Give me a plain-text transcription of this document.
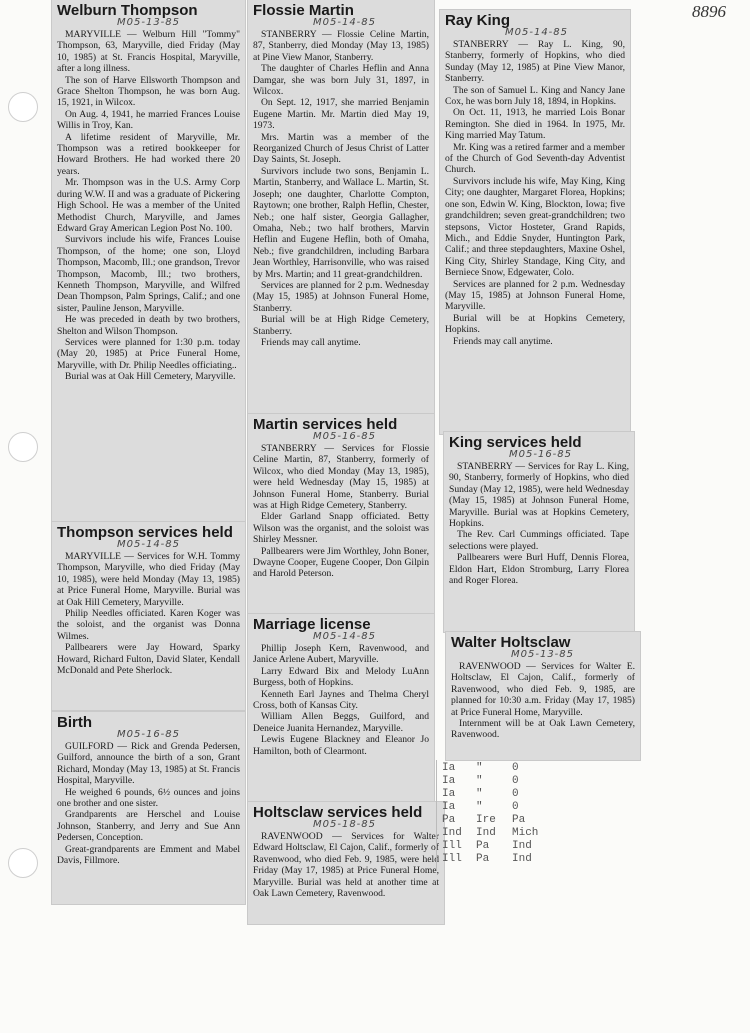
8896
Welburn Thompson
M05-13-85

MARYVILLE — Welburn Hill "Tommy" Thompson, 63, Maryville, died Friday (May 10, 1985) at St. Francis Hospital, Maryville, after a long illness.

The son of Harve Ellsworth Thompson and Grace Shelton Thompson, he was born Aug. 15, 1921, in Wilcox.

On Aug. 4, 1941, he married Frances Louise Willis in Troy, Kan.

A lifetime resident of Maryville, Mr. Thompson was a retired bookkeeper for Howard Brothers. He had worked there 20 years.

Mr. Thompson was in the U.S. Army Corp during W.W. II and was a graduate of Pickering High School. He was a member of the United Methodist Church, Maryville, and James Edward Gray American Legion Post No. 100.

Survivors include his wife, Frances Louise Thompson, of the home; one son, Lloyd Thompson, Macomb, Ill.; one grandson, Trevor Thompson, Macomb, Ill.; two brothers, Kenneth Thompson, Maryville, and Wilfred Dean Thompson, Palm Springs, Calif.; and one sister, Pauline Jenson, Maryville.

He was preceded in death by two brothers, Shelton and Wilson Thompson.

Services were planned for 1:30 p.m. today (May 20, 1985) at Price Funeral Home, Maryville, with Dr. Philip Needles officiating..

Burial was at Oak Hill Cemetery, Maryville.

Thompson services held
M05-14-85

MARYVILLE — Services for W.H. Tommy Thompson, Maryville, who died Friday (May 10, 1985), were held Monday (May 13, 1985) at Price Funeral Home, Maryville. Burial was at Oak Hill Cemetery, Maryville.

Philip Needles officiated. Karen Koger was the soloist, and the organist was Donna Wilmes.

Pallbearers were Jay Howard, Sparky Howard, Richard Fulton, David Slater, Kendall McDonald and Pete Sherlock.

Birth
M05-16-85

GUILFORD — Rick and Grenda Pedersen, Guilford, announce the birth of a son, Grant Richard, Monday (May 13, 1985) at St. Francis Hospital, Maryville.

He weighed 6 pounds, 6½ ounces and joins one brother and one sister.

Grandparents are Herschel and Louise Johnson, Stanberry, and Jerry and Sue Ann Pedersen, Conception.

Great-grandparents are Emment and Mabel Davis, Fillmore.

Flossie Martin
M05-14-85

STANBERRY — Flossie Celine Martin, 87, Stanberry, died Monday (May 13, 1985) at Pine View Manor, Stanberry.

The daughter of Charles Heflin and Anna Damgar, she was born July 31, 1897, in Wilcox.

On Sept. 12, 1917, she married Benjamin Eugene Martin. Mr. Martin died May 19, 1973.

Mrs. Martin was a member of the Reorganized Church of Jesus Christ of Latter Day Saints, St. Joseph.

Survivors include two sons, Benjamin L. Martin, Stanberry, and Wallace L. Martin, St. Joseph; one daughter, Charlotte Compton, Raytown; one brother, Ralph Heflin, Chester, Neb.; one half sister, Georgia Gallagher, Omaha, Neb.; two half brothers, Marvin Heflin and Eugene Heflin, both of Omaha, Neb.; five grandchildren, including Barbara Jean Worthley, Harrisonville, who was raised by Mrs. Martin; and 11 great-grandchildren.

Services are planned for 2 p.m. Wednesday (May 15, 1985) at Johnson Funeral Home, Stanberry.

Burial will be at High Ridge Cemetery, Stanberry.

Friends may call anytime.

Martin services held
M05-16-85

STANBERRY — Services for Flossie Celine Martin, 87, Stanberry, formerly of Wilcox, who died Monday (May 13, 1985), were held Wednesday (May 15, 1985) at Johnson Funeral Home, Stanberry. Burial was at High Ridge Cemetery, Stanberry.

Elder Garland Snapp officiated. Betty Wilson was the organist, and the soloist was Shirley Messner.

Pallbearers were Jim Worthley, John Boner, Dwayne Cooper, Eugene Cooper, Don Gilpin and Harold Peterson.

Marriage license
M05-14-85

Phillip Joseph Kern, Ravenwood, and Janice Arlene Aubert, Maryville.

Larry Edward Bix and Melody LuAnn Burgess, both of Hopkins.

Kenneth Earl Jaynes and Thelma Cheryl Cross, both of Kansas City.

William Allen Beggs, Guilford, and Deneice Juanita Hernandez, Maryville.

Lewis Eugene Blackney and Eleanor Jo Hamilton, both of Clearmont.

Holtsclaw services held
M05-18-85

RAVENWOOD — Services for Walter Edward Holtsclaw, El Cajon, Calif., formerly of Ravenwood, who died Feb. 9, 1985, were held Friday (May 17, 1985) at Price Funeral Home, Maryville. Burial was held at another time at Oak Lawn Cemetery, Ravenwood.

Ray King
M05-14-85

STANBERRY — Ray L. King, 90, Stanberry, formerly of Hopkins, who died Sunday (May 12, 1985) at Pine View Manor, Stanberry.

The son of Samuel L. King and Nancy Jane Cox, he was born July 18, 1894, in Hopkins.

On Oct. 11, 1913, he married Lois Bonar Remington. She died in 1964. In 1975, Mr. King married May Tatum.

Mr. King was a retired farmer and a member of the Church of God Seventh-day Adventist Church.

Survivors include his wife, May King, King City; one daughter, Margaret Florea, Hopkins; one son, Edwin W. King, Blockton, Iowa; five grandchildren; seven great-grandchildren; two stepsons, Victor Hosteter, Grand Rapids, Mich., and Eddie Snyder, Huntington Park, Calif.; and three stepdaughters, Maxine Oshel, King City, Shirley Standage, King City, and Berniece Snow, Edgewater, Colo.

Services are planned for 2 p.m. Wednesday (May 15, 1985) at Johnson Funeral Home, Maryville.

Burial will be at Hopkins Cemetery, Hopkins.

Friends may call anytime.

King services held
M05-16-85

STANBERRY — Services for Ray L. King, 90, Stanberry, formerly of Hopkins, who died Sunday (May 12, 1985), were held Wednesday (May 15, 1985) at Johnson Funeral Home, Maryville. Burial was at Hopkins Cemetery, Hopkins.

The Rev. Carl Cummings officiated. Tape selections were played.

Pallbearers were Burl Huff, Dennis Florea, Eldon Hart, Eldon Stromburg, Larry Florea and Roger Florea.

Walter Holtsclaw
M05-13-85

RAVENWOOD — Services for Walter E. Holtsclaw, El Cajon, Calif., formerly of Ravenwood, who died Feb. 9, 1985, are planned for 10:30 a.m. Friday (May 17, 1985) at Price Funeral Home, Maryville.

Internment will be at Oak Lawn Cemetery, Ravenwood.

Ia	"	0
Ia	"	0
Ia	"	0
Ia	"	0
Pa	Ire	Pa
Ind	Ind	Mich
Ill	Pa	Ind
Ill	Pa	Ind
